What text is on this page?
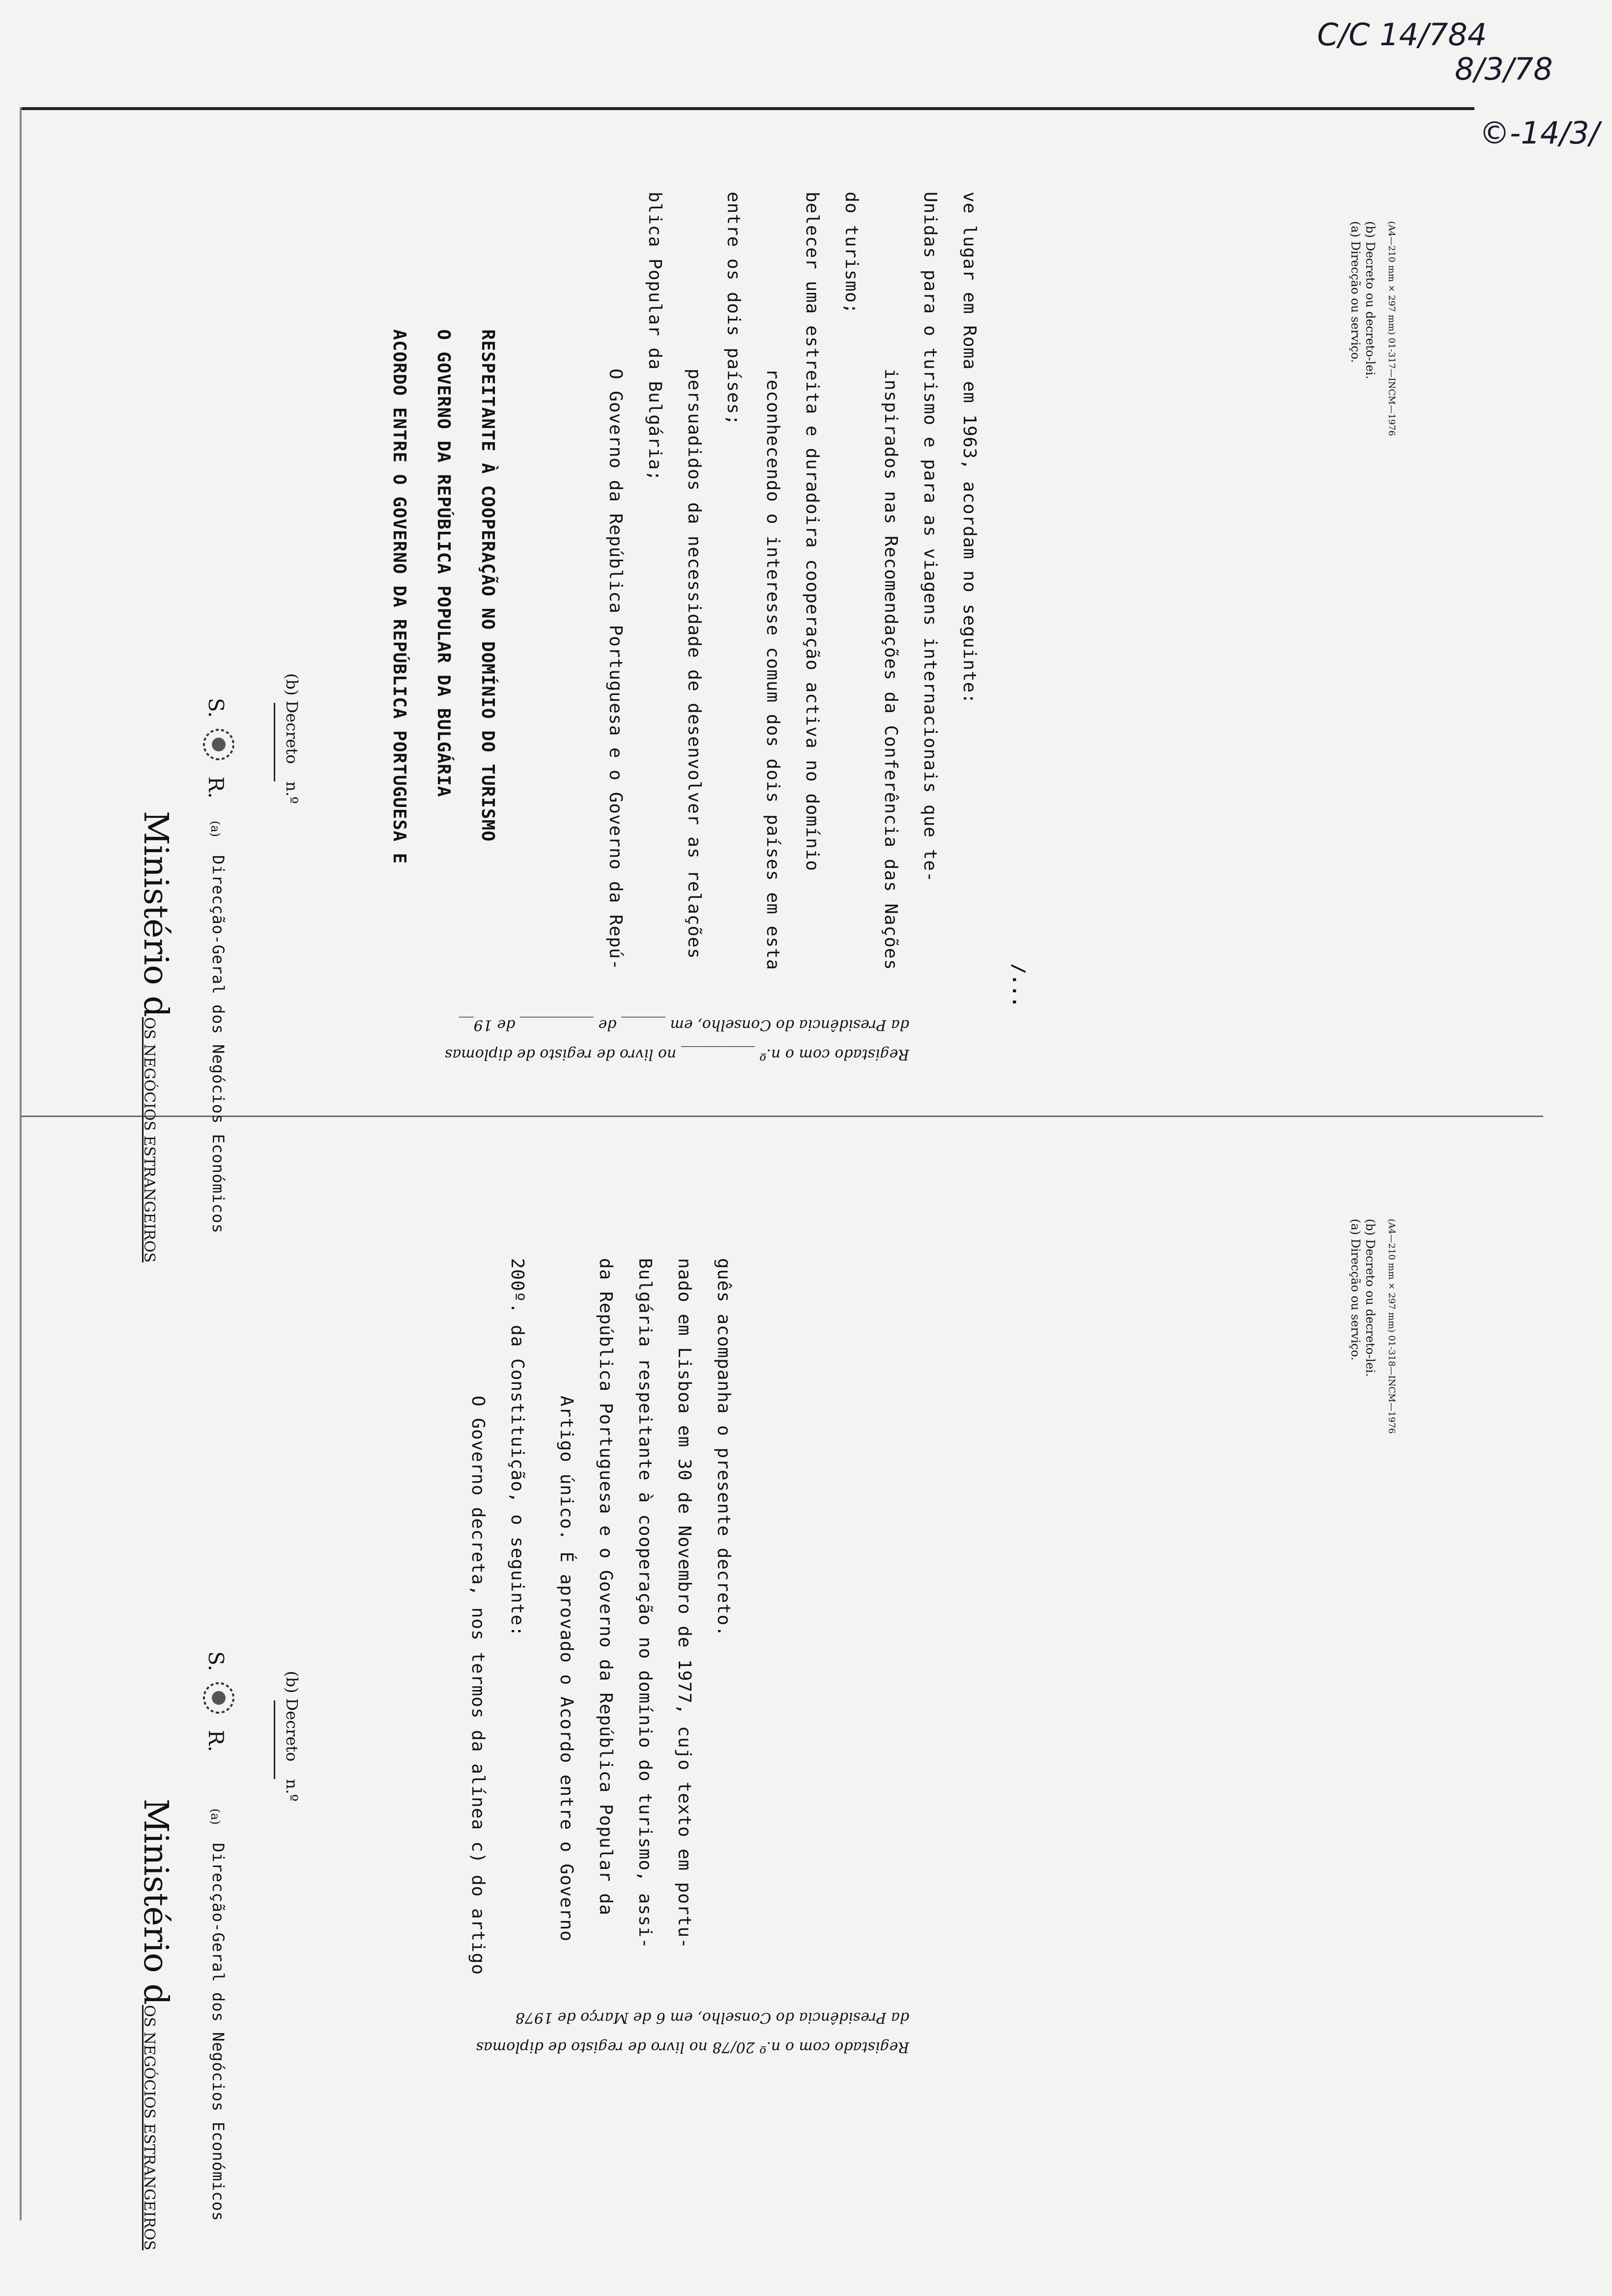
C/C 14/784
8/3/78
©-14/3/
Ministério dOS NEGÓCIOS ESTRANGEIROS
S.
R.
(a)
Direcção-Geral dos Negócios Económicos
(b) Decreto
n.º	ACORDO ENTRE O GOVERNO DA REPÚBLICA PORTUGUESA E O GOVERNO DA REPÚBLICA POPULAR DA BULGÁRIA RESPEITANTE À COOPERAÇÃO NO DOMÍNIO DO TURISMO	O Governo da República Portuguesa e o Governo da Repú-
blica Popular da Bulgária;
persuadidos da necessidade de desenvolver as relações
entre os dois países;
reconhecendo o interesse comum dos dois países em esta belecer uma estreita e duradoira cooperação activa no domínio do turismo;
inspirados nas Recomendações da Conferência das Nações Unidas para o turismo e para as viagens internacionais que te- ve lugar em Roma em 1963, acordam no seguinte:
/...
(a) Direcção ou serviço. (b) Decreto ou decreto-lei. (A4—210 mm × 297 mm) 01-317—INCM—1976
Registado com o n.º __________ no livro de registo de diplomas
da Presidência do Conselho, em ______ de __________ de 19__
Ministério dOS NEGÓCIOS ESTRANGEIROS
S.
R.
(a)
Direcção-Geral dos Negócios Económicos
(b) Decreto
n.º	O Governo decreta, nos termos da alínea c) do artigo 200º. da Constituição, o seguinte: Artigo único. É aprovado o Acordo entre o Governo da República Portuguesa e o Governo da República Popular da Bulgária respeitante à cooperação no domínio do turismo, assi- nado em Lisboa em 30 de Novembro de 1977, cujo texto em portu- guês acompanha o presente decreto.	(a) Direcção ou serviço. (b) Decreto ou decreto-lei. (A4—210 mm × 297 mm) 01-318—INCM—1976
Registado com o n.º 20/78 no livro de registo de diplomas
da Presidência do Conselho, em 6 de Março de 1978
